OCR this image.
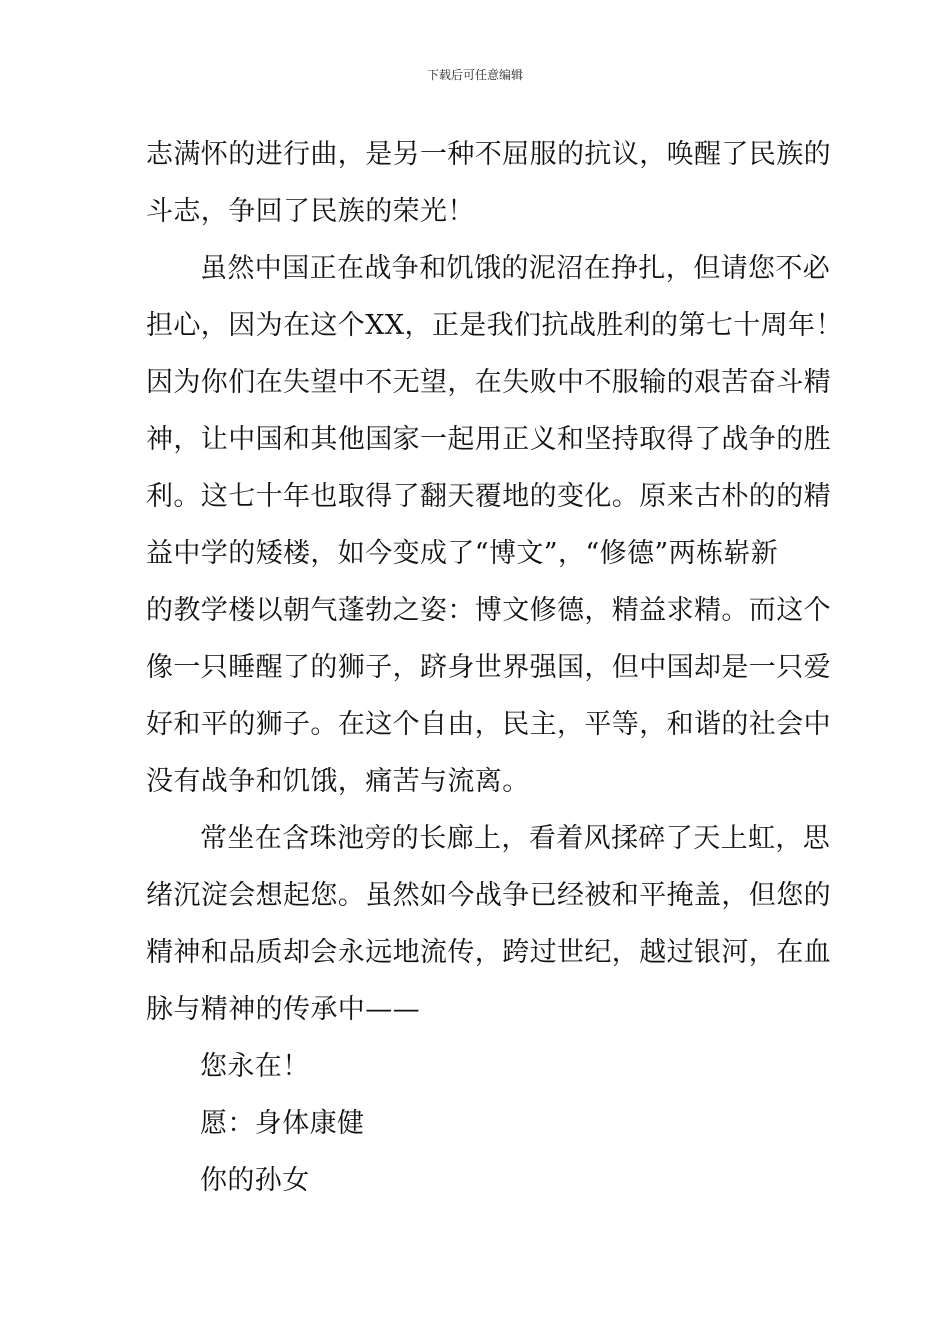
下载后可任意编辑
志满怀的进行曲，是另一种不屈服的抗议，唤醒了民族的
斗志，争回了民族的荣光！
虽然中国正在战争和饥饿的泥沼在挣扎，但请您不必
担心，因为在这个XX，正是我们抗战胜利的第七十周年！
因为你们在失望中不无望，在失败中不服输的艰苦奋斗精
神，让中国和其他国家一起用正义和坚持取得了战争的胜
利。这七十年也取得了翻天覆地的变化。原来古朴的的精
益中学的矮楼，如今变成了“博文”，“修德”两栋崭新
的教学楼以朝气蓬勃之姿：博文修德，精益求精。而这个
像一只睡醒了的狮子，跻身世界强国，但中国却是一只爱
好和平的狮子。在这个自由，民主，平等，和谐的社会中
没有战争和饥饿，痛苦与流离。
常坐在含珠池旁的长廊上，看着风揉碎了天上虹，思
绪沉淀会想起您。虽然如今战争已经被和平掩盖，但您的
精神和品质却会永远地流传，跨过世纪，越过银河，在血
脉与精神的传承中——
您永在！
愿：身体康健
你的孙女
